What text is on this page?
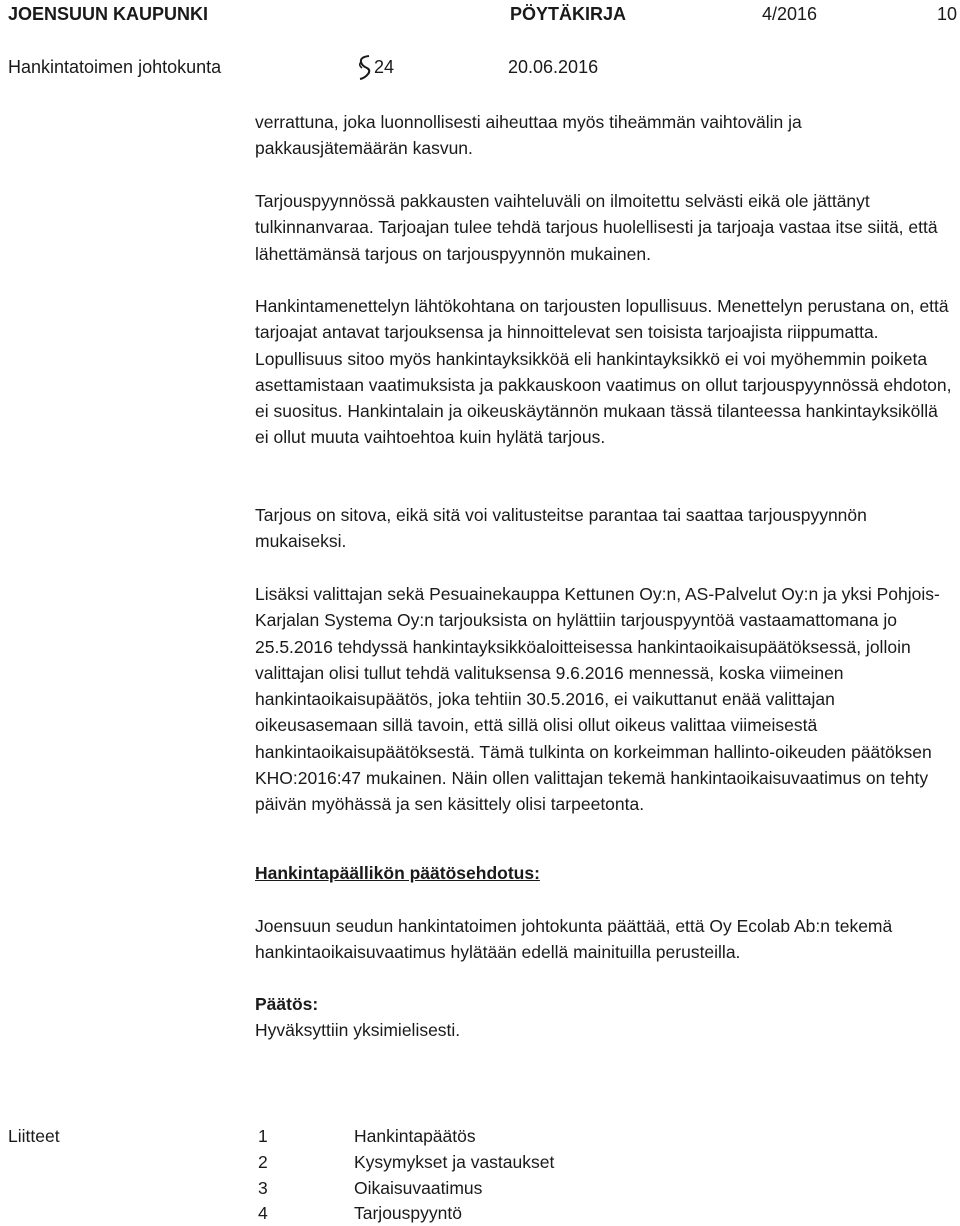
JOENSUUN KAUPUNKI	PÖYTÄKIRJA	4/2016	10
Hankintatoimen johtokunta	24	20.06.2016

verrattuna, joka luonnollisesti aiheuttaa myös tiheämmän vaihtovälin ja pakkausjätemäärän kasvun.

Tarjouspyynnössä pakkausten vaihteluväli on ilmoitettu selvästi eikä ole jättänyt tulkinnanvaraa. Tarjoajan tulee tehdä tarjous huolellisesti ja tarjoaja vastaa itse siitä, että lähettämänsä tarjous on tarjouspyynnön mukainen.

Hankintamenettelyn lähtökohtana on tarjousten lopullisuus. Menettelyn perustana on, että tarjoajat antavat tarjouksensa ja hinnoittelevat sen toisista tarjoajista riippumatta. Lopullisuus sitoo myös hankintayksikköä eli hankintayksikkö ei voi myöhemmin poiketa asettamistaan vaatimuksista ja pakkauskoon vaatimus on ollut tarjouspyynnössä ehdoton, ei suositus. Hankintalain ja oikeuskäytännön mukaan tässä tilanteessa hankintayksiköllä ei ollut muuta vaihtoehtoa kuin hylätä tarjous.

Tarjous on sitova, eikä sitä voi valitusteitse parantaa tai saattaa tarjouspyynnön mukaiseksi.

Lisäksi valittajan sekä Pesuainekauppa Kettunen Oy:n, AS-Palvelut Oy:n ja yksi Pohjois-Karjalan Systema Oy:n tarjouksista on hylättiin tarjouspyyntöä vastaamattomana jo 25.5.2016 tehdyssä hankintayksikköaloitteisessa hankintaoikaisupäätöksessä, jolloin valittajan olisi tullut tehdä valituksensa 9.6.2016 mennessä, koska viimeinen hankintaoikaisupäätös, joka tehtiin 30.5.2016, ei vaikuttanut enää valittajan oikeusasemaan sillä tavoin, että sillä olisi ollut oikeus valittaa viimeisestä hankintaoikaisupäätöksestä. Tämä tulkinta on korkeimman hallinto-oikeuden päätöksen KHO:2016:47 mukainen. Näin ollen valittajan tekemä hankintaoikaisuvaatimus on tehty päivän myöhässä ja sen käsittely olisi tarpeetonta.

Hankintapäällikön päätösehdotus:

Joensuun seudun hankintatoimen johtokunta päättää, että Oy Ecolab Ab:n tekemä hankintaoikaisuvaatimus hylätään edellä mainituilla perusteilla.

Päätös:

Hyväksyttiin yksimielisesti.

Liitteet	1	Hankintapäätös
2	Kysymykset ja vastaukset
3	Oikaisuvaatimus
4	Tarjouspyyntö
